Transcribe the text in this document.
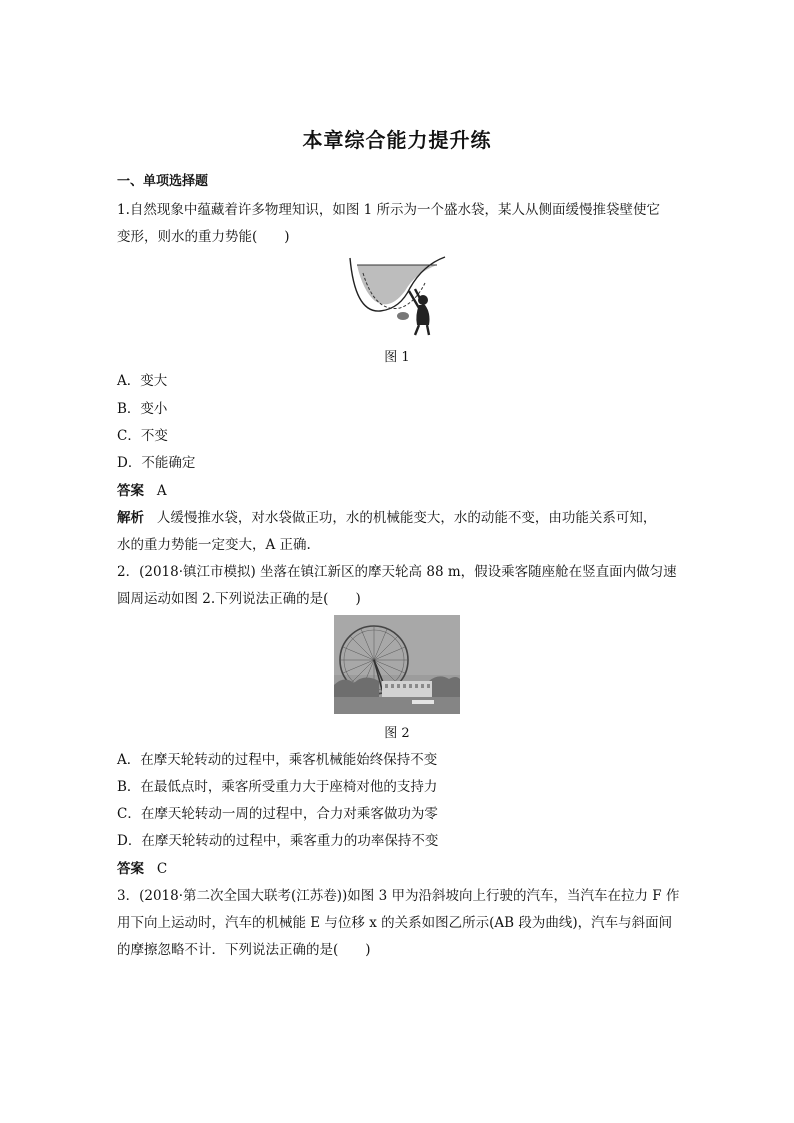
本章综合能力提升练
一、单项选择题
1.自然现象中蕴藏着许多物理知识，如图 1 所示为一个盛水袋，某人从侧面缓慢推袋壁使它
变形，则水的重力势能(　　)
图 1
A．变大
B．变小
C．不变
D．不能确定
答案 A
解析 人缓慢推水袋，对水袋做正功，水的机械能变大，水的动能不变，由功能关系可知，
水的重力势能一定变大，A 正确.
2．(2018·镇江市模拟) 坐落在镇江新区的摩天轮高 88 m，假设乘客随座舱在竖直面内做匀速
圆周运动如图 2.下列说法正确的是(　　)
图 2
A．在摩天轮转动的过程中，乘客机械能始终保持不变
B．在最低点时，乘客所受重力大于座椅对他的支持力
C．在摩天轮转动一周的过程中，合力对乘客做功为零
D．在摩天轮转动的过程中，乘客重力的功率保持不变
答案 C
3．(2018·第二次全国大联考(江苏卷))如图 3 甲为沿斜坡向上行驶的汽车，当汽车在拉力 F 作
用下向上运动时，汽车的机械能 E 与位移 x 的关系如图乙所示(AB 段为曲线)，汽车与斜面间
的摩擦忽略不计．下列说法正确的是(　　)
